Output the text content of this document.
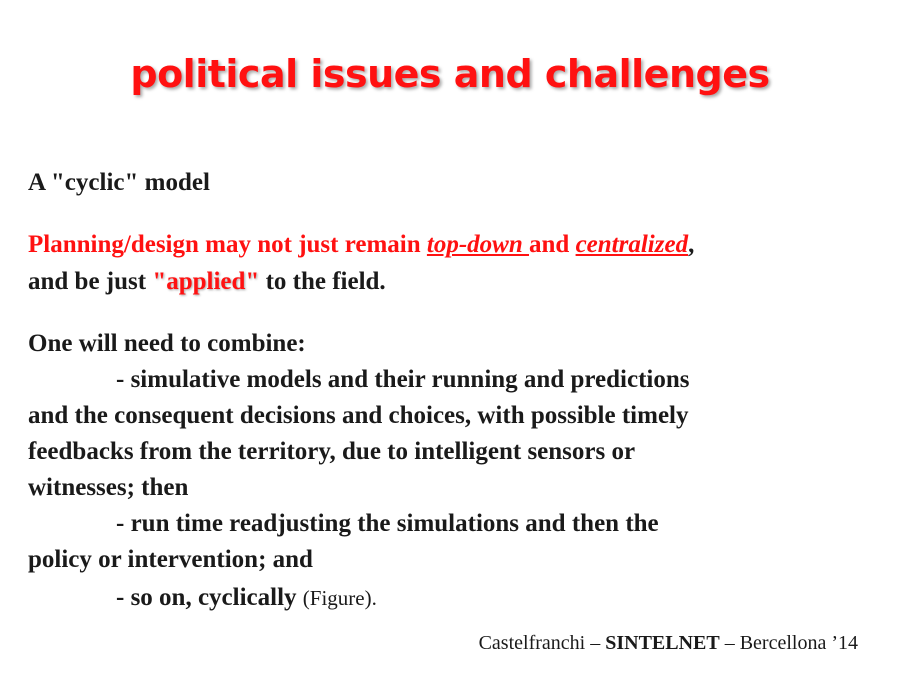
political issues and challenges

A "cyclic" model

Planning/design may not just remain top-down and centralized,

and be just "applied" to the field.

One will need to combine:

- simulative models and their running and predictions

and the consequent decisions and choices, with possible timely

feedbacks from the territory, due to intelligent sensors or

witnesses; then

- run time readjusting the simulations and then the

policy or intervention; and

- so on, cyclically (Figure).

Castelfranchi – SINTELNET – Bercellona ’14
